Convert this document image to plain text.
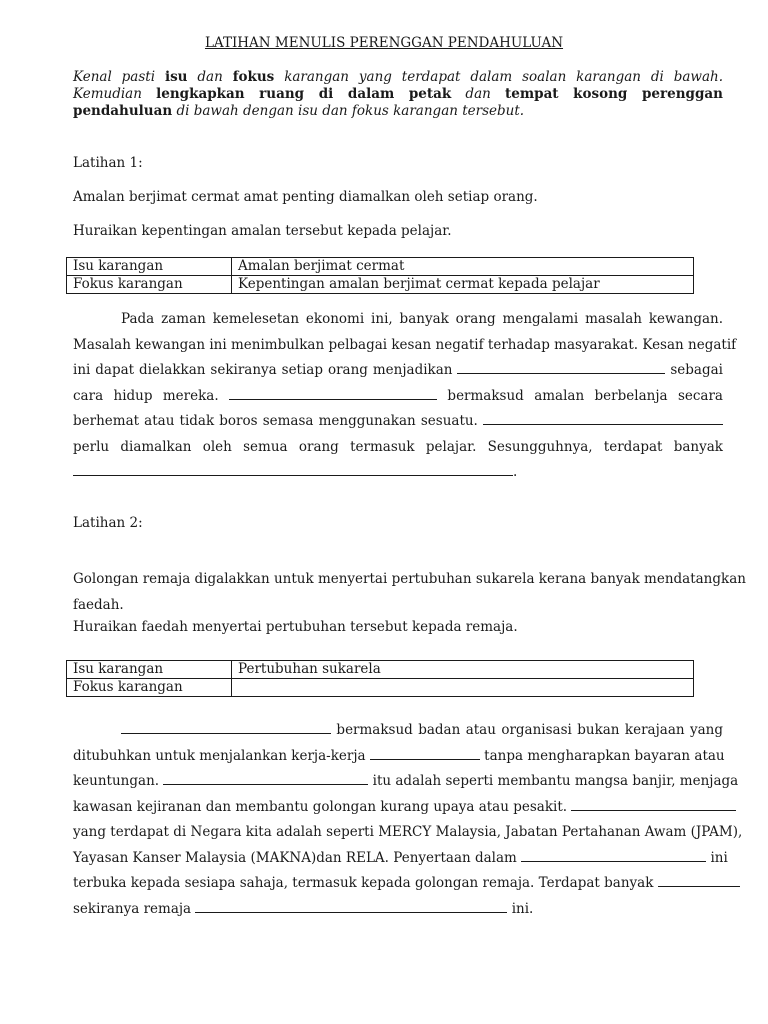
LATIHAN MENULIS PERENGGAN PENDAHULUAN
Kenal pasti isu dan fokus karangan yang terdapat dalam soalan karangan di bawah. Kemudian lengkapkan ruang di dalam petak dan tempat kosong perenggan pendahuluan di bawah dengan isu dan fokus karangan tersebut.
Latihan 1:
Amalan berjimat cermat amat penting diamalkan oleh setiap orang.
Huraikan kepentingan amalan tersebut kepada pelajar.
Isu karangan	Amalan berjimat cermat
Fokus karangan	Kepentingan amalan berjimat cermat kepada pelajar
Pada zaman kemelesetan ekonomi ini, banyak orang mengalami masalah kewangan.
Masalah kewangan ini menimbulkan pelbagai kesan negatif terhadap masyarakat. Kesan negatif
ini dapat dielakkan sekiranya setiap orang menjadikan	sebagai
cara hidup mereka.	bermaksud amalan berbelanja secara
berhemat atau tidak boros semasa menggunakan sesuatu.
perlu diamalkan oleh semua orang termasuk pelajar. Sesungguhnya, terdapat banyak
.
Latihan 2:
Golongan remaja digalakkan untuk menyertai pertubuhan sukarela kerana banyak mendatangkan
faedah.
Huraikan faedah menyertai pertubuhan tersebut kepada remaja.
Isu karangan	Pertubuhan sukarela
Fokus karangan	
bermaksud badan atau organisasi bukan kerajaan yang
ditubuhkan untuk menjalankan kerja-kerja	tanpa mengharapkan bayaran atau
keuntungan.	itu adalah seperti membantu mangsa banjir, menjaga
kawasan kejiranan dan membantu golongan kurang upaya atau pesakit.
yang terdapat di Negara kita adalah seperti MERCY Malaysia, Jabatan Pertahanan Awam (JPAM),
Yayasan Kanser Malaysia (MAKNA)dan RELA. Penyertaan dalam	ini
terbuka kepada sesiapa sahaja, termasuk kepada golongan remaja. Terdapat banyak
sekiranya remaja	ini.
